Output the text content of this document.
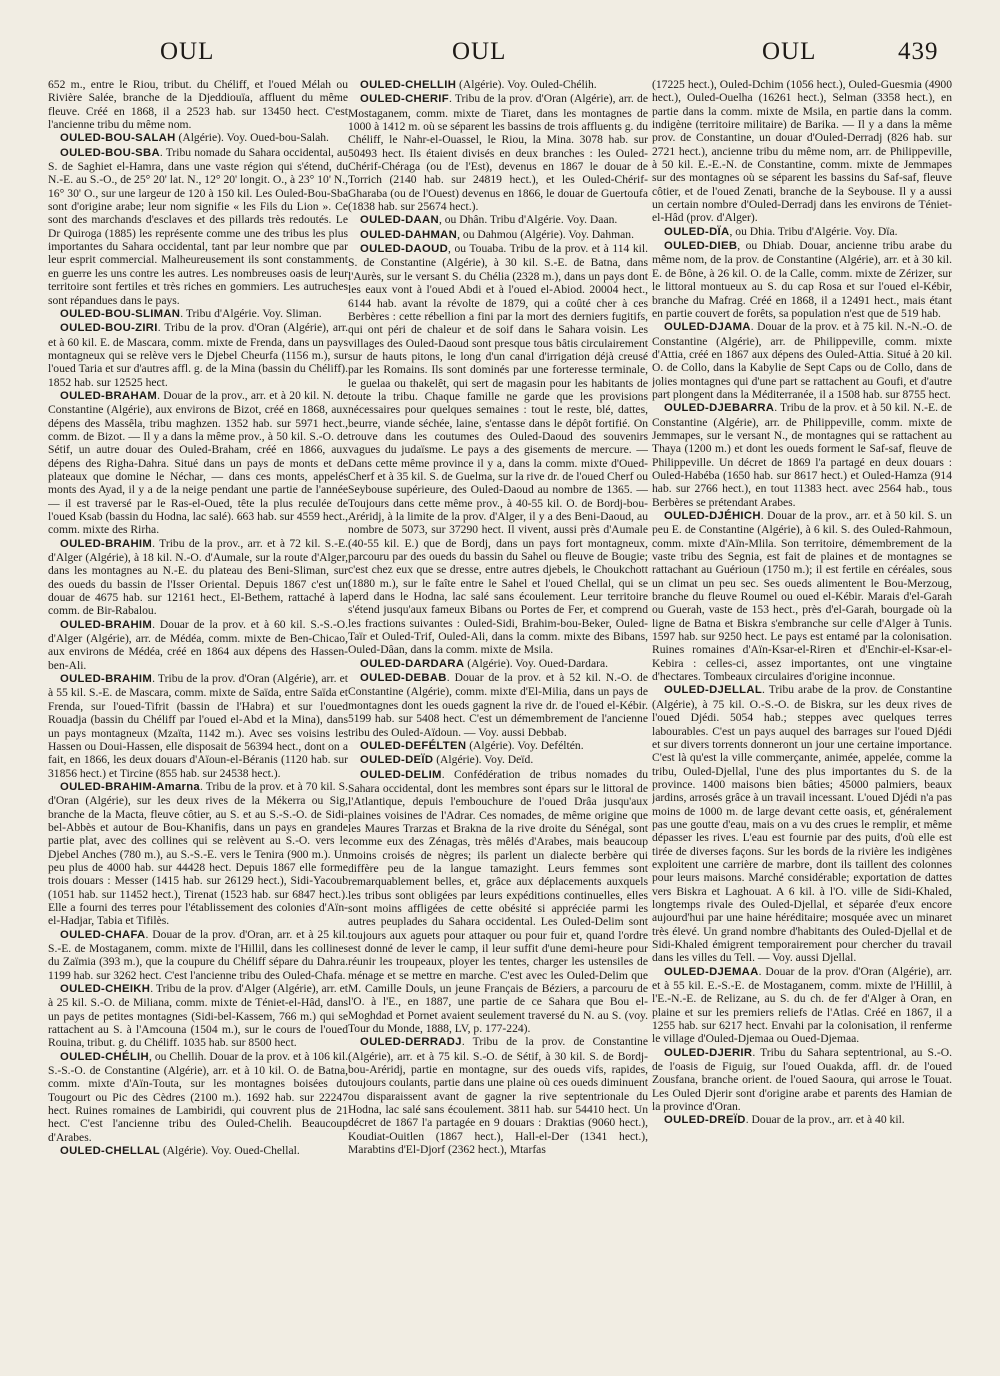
OUL	OUL	OUL	439
652 m., entre le Riou, tribut. du Chéliff, et l'oued Mélah ou Rivière Salée, branche de la Djeddiouïa, affluent du même fleuve. Créé en 1868, il a 2523 hab. sur 13450 hect. C'est l'ancienne tribu du même nom.
OULED-BOU-SALAH (Algérie). Voy. Oued-bou-Salah.
OULED-BOU-SBA. Tribu nomade du Sahara occidental, au S. de Saghiet el-Hamra, dans une vaste région qui s'étend, du N.-E. au S.-O., de 25° 20' lat. N., 12° 20' longit. O., à 23° 10' N., 16° 30' O., sur une largeur de 120 à 150 kil. Les Ouled-Bou-Sba sont d'origine arabe; leur nom signifie « les Fils du Lion ». Ce sont des marchands d'esclaves et des pillards très redoutés. Le Dr Quiroga (1885) les représente comme une des tribus les plus importantes du Sahara occidental, tant par leur nombre que par leur esprit commercial. Malheureusement ils sont constamment en guerre les uns contre les autres. Les nombreuses oasis de leur territoire sont fertiles et très riches en gommiers. Les autruches sont répandues dans le pays.
OULED-BOU-SLIMAN. Tribu d'Algérie. Voy. Sliman.
OULED-BOU-ZIRI. Tribu de la prov. d'Oran (Algérie), arr. et à 60 kil. E. de Mascara, comm. mixte de Frenda, dans un pays montagneux qui se relève vers le Djebel Cheurfa (1156 m.), sur l'oued Taria et sur d'autres affl. g. de la Mina (bassin du Chéliff). 1852 hab. sur 12525 hect.
OULED-BRAHAM. Douar de la prov., arr. et à 20 kil. N. de Constantine (Algérie), aux environs de Bizot, créé en 1868, aux dépens des Massêla, tribu maghzen. 1352 hab. sur 5971 hect., comm. de Bizot. — Il y a dans la même prov., à 50 kil. S.-O. de Sétif, un autre douar des Ouled-Braham, créé en 1866, aux dépens des Righa-Dahra. Situé dans un pays de monts et de plateaux que domine le Néchar, — dans ces monts, appelés monts des Ayad, il y a de la neige pendant une partie de l'année — il est traversé par le Ras-el-Oued, tête la plus reculée de l'oued Ksab (bassin du Hodna, lac salé). 663 hab. sur 4559 hect., comm. mixte des Rirha.
OULED-BRAHIM. Tribu de la prov., arr. et à 72 kil. S.-E. d'Alger (Algérie), à 18 kil. N.-O. d'Aumale, sur la route d'Alger, dans les montagnes au N.-E. du plateau des Beni-Sliman, sur des oueds du bassin de l'Isser Oriental. Depuis 1867 c'est un douar de 4675 hab. sur 12161 hect., El-Bethem, rattaché à la comm. de Bir-Rabalou.
OULED-BRAHIM. Douar de la prov. et à 60 kil. S.-S.-O. d'Alger (Algérie), arr. de Médéa, comm. mixte de Ben-Chicao, aux environs de Médéa, créé en 1864 aux dépens des Hassen-ben-Ali.
OULED-BRAHIM. Tribu de la prov. d'Oran (Algérie), arr. et à 55 kil. S.-E. de Mascara, comm. mixte de Saïda, entre Saïda et Frenda, sur l'oued-Tifrit (bassin de l'Habra) et sur l'oued Rouadja (bassin du Chéliff par l'oued el-Abd et la Mina), dans un pays montagneux (Mzaïta, 1142 m.). Avec ses voisins les Hassen ou Doui-Hassen, elle disposait de 56394 hect., dont on a fait, en 1866, les deux douars d'Aïoun-el-Béranis (1120 hab. sur 31856 hect.) et Tircine (855 hab. sur 24538 hect.).
OULED-BRAHIM-Amarna. Tribu de la prov. et à 70 kil. S. d'Oran (Algérie), sur les deux rives de la Mékerra ou Sig, branche de la Macta, fleuve côtier, au S. et au S.-S.-O. de Sidi-bel-Abbès et autour de Bou-Khanifis, dans un pays en grande partie plat, avec des collines qui se relèvent au S.-O. vers le Djebel Anches (780 m.), au S.-S.-E. vers le Tenira (900 m.). Un peu plus de 4000 hab. sur 44428 hect. Depuis 1867 elle forme trois douars : Messer (1415 hab. sur 26129 hect.), Sidi-Yacoub (1051 hab. sur 11452 hect.), Tirenat (1523 hab. sur 6847 hect.). Elle a fourni des terres pour l'établissement des colonies d'Aïn-el-Hadjar, Tabia et Tifilès.
OULED-CHAFA. Douar de la prov. d'Oran, arr. et à 25 kil. S.-E. de Mostaganem, comm. mixte de l'Hillil, dans les collines du Zaïmia (393 m.), que la coupure du Chéliff sépare du Dahra. 1199 hab. sur 3262 hect. C'est l'ancienne tribu des Ouled-Chafa.
OULED-CHEIKH. Tribu de la prov. d'Alger (Algérie), arr. et à 25 kil. S.-O. de Miliana, comm. mixte de Téniet-el-Hâd, dans un pays de petites montagnes (Sidi-bel-Kassem, 766 m.) qui se rattachent au S. à l'Amcouna (1504 m.), sur le cours de l'oued Rouina, tribut. g. du Chéliff. 1035 hab. sur 8500 hect.
OULED-CHÉLIH, ou Chellih. Douar de la prov. et à 106 kil. S.-S.-O. de Constantine (Algérie), arr. et à 10 kil. O. de Batna, comm. mixte d'Aïn-Touta, sur les montagnes boisées du Tougourt ou Pic des Cèdres (2100 m.). 1692 hab. sur 22247 hect. Ruines romaines de Lambiridi, qui couvrent plus de 21 hect. C'est l'ancienne tribu des Ouled-Chelih. Beaucoup d'Arabes.
OULED-CHELLAL (Algérie). Voy. Oued-Chellal.
OULED-CHELLIH (Algérie). Voy. Ouled-Chélih.
OULED-CHERIF. Tribu de la prov. d'Oran (Algérie), arr. de Mostaganem, comm. mixte de Tiaret, dans les montagnes de 1000 à 1412 m. où se séparent les bassins de trois affluents g. du Chéliff, le Nahr-el-Ouassel, le Riou, la Mina. 3078 hab. sur 50493 hect. Ils étaient divisés en deux branches : les Ouled-Chérif-Chéraga (ou de l'Est), devenus en 1867 le douar de Torrich (2140 hab. sur 24819 hect.), et les Ouled-Chérif-Gharaba (ou de l'Ouest) devenus en 1866, le douar de Guertoufa (1838 hab. sur 25674 hect.).
OULED-DAAN, ou Dhân. Tribu d'Algérie. Voy. Daan.
OULED-DAHMAN, ou Dahmou (Algérie). Voy. Dahman.
OULED-DAOUD, ou Touaba. Tribu de la prov. et à 114 kil. S. de Constantine (Algérie), à 30 kil. S.-E. de Batna, dans l'Aurès, sur le versant S. du Chélia (2328 m.), dans un pays dont les eaux vont à l'oued Abdi et à l'oued el-Abiod. 20004 hect., 6144 hab. avant la révolte de 1879, qui a coûté cher à ces Berbères : cette rébellion a fini par la mort des derniers fugitifs, qui ont péri de chaleur et de soif dans le Sahara voisin. Les villages des Ouled-Daoud sont presque tous bâtis circulairement sur de hauts pitons, le long d'un canal d'irrigation déjà creusé par les Romains. Ils sont dominés par une forteresse terminale, le guelaa ou thakelêt, qui sert de magasin pour les habitants de toute la tribu. Chaque famille ne garde que les provisions nécessaires pour quelques semaines : tout le reste, blé, dattes, beurre, viande séchée, laine, s'entasse dans le dépôt fortifié. On trouve dans les coutumes des Ouled-Daoud des souvenirs vagues du judaïsme. Le pays a des gisements de mercure. — Dans cette même province il y a, dans la comm. mixte d'Oued-Cherf et à 35 kil. S. de Guelma, sur la rive dr. de l'oued Cherf ou Seybouse supérieure, des Ouled-Daoud au nombre de 1365. — Toujours dans cette même prov., à 40-55 kil. O. de Bordj-bou-Aréridj, à la limite de la prov. d'Alger, il y a des Beni-Daoud, au nombre de 5073, sur 37290 hect. Il vivent, aussi près d'Aumale (40-55 kil. E.) que de Bordj, dans un pays fort montagneux, parcouru par des oueds du bassin du Sahel ou fleuve de Bougie; c'est chez eux que se dresse, entre autres djebels, le Choukchott (1880 m.), sur le faîte entre le Sahel et l'oued Chellal, qui se perd dans le Hodna, lac salé sans écoulement. Leur territoire s'étend jusqu'aux fameux Bibans ou Portes de Fer, et comprend les fractions suivantes : Ouled-Sidi, Brahim-bou-Beker, Ouled-Taïr et Ouled-Trif, Ouled-Ali, dans la comm. mixte des Bibans, Ouled-Dâan, dans la comm. mixte de Msila.
OULED-DARDARA (Algérie). Voy. Oued-Dardara.
OULED-DEBAB. Douar de la prov. et à 52 kil. N.-O. de Constantine (Algérie), comm. mixte d'El-Milia, dans un pays de montagnes dont les oueds gagnent la rive dr. de l'oued el-Kébir. 5199 hab. sur 5408 hect. C'est un démembrement de l'ancienne tribu des Ouled-Aïdoun. — Voy. aussi Debbab.
OULED-DEFÉLTEN (Algérie). Voy. Deféltén.
OULED-DEÏD (Algérie). Voy. Deïd.
OULED-DELIM. Confédération de tribus nomades du Sahara occidental, dont les membres sont épars sur le littoral de l'Atlantique, depuis l'embouchure de l'oued Drâa jusqu'aux plaines voisines de l'Adrar. Ces nomades, de même origine que les Maures Trarzas et Brakna de la rive droite du Sénégal, sont comme eux des Zénagas, très mêlés d'Arabes, mais beaucoup moins croisés de nègres; ils parlent un dialecte berbère qui diffère peu de la langue tamazight. Leurs femmes sont remarquablement belles, et, grâce aux déplacements auxquels les tribus sont obligées par leurs expéditions continuelles, elles sont moins affligées de cette obésité si appréciée parmi les autres peuplades du Sahara occidental. Les Ouled-Delim sont toujours aux aguets pour attaquer ou pour fuir et, quand l'ordre est donné de lever le camp, il leur suffit d'une demi-heure pour réunir les troupeaux, ployer les tentes, charger les ustensiles de ménage et se mettre en marche. C'est avec les Ouled-Delim que M. Camille Douls, un jeune Français de Béziers, a parcouru de l'O. à l'E., en 1887, une partie de ce Sahara que Bou el-Moghdad et Pornet avaient seulement traversé du N. au S. (voy. Tour du Monde, 1888, LV, p. 177-224).
OULED-DERRADJ. Tribu de la prov. de Constantine (Algérie), arr. et à 75 kil. S.-O. de Sétif, à 30 kil. S. de Bordj-bou-Aréridj, partie en montagne, sur des oueds vifs, rapides, toujours coulants, partie dans une plaine où ces oueds diminuent ou disparaissent avant de gagner la rive septentrionale du Hodna, lac salé sans écoulement. 3811 hab. sur 54410 hect. Un décret de 1867 l'a partagée en 9 douars : Draktias (9060 hect.), Koudiat-Ouitlen (1867 hect.), Hall-el-Der (1341 hect.), Marabtins d'El-Djorf (2362 hect.), Mtarfas
(17225 hect.), Ouled-Dchim (1056 hect.), Ouled-Guesmia (4900 hect.), Ouled-Ouelha (16261 hect.), Selman (3358 hect.), en partie dans la comm. mixte de Msila, en partie dans la comm. indigène (territoire militaire) de Barika. — Il y a dans la même prov. de Constantine, un douar d'Ouled-Derradj (826 hab. sur 2721 hect.), ancienne tribu du même nom, arr. de Philippeville, à 50 kil. E.-E.-N. de Constantine, comm. mixte de Jemmapes sur des montagnes où se séparent les bassins du Saf-saf, fleuve côtier, et de l'oued Zenati, branche de la Seybouse. Il y a aussi un certain nombre d'Ouled-Derradj dans les environs de Téniet-el-Hâd (prov. d'Alger).
OULED-DÏA, ou Dhia. Tribu d'Algérie. Voy. Dïa.
OULED-DIEB, ou Dhiab. Douar, ancienne tribu arabe du même nom, de la prov. de Constantine (Algérie), arr. et à 30 kil. E. de Bône, à 26 kil. O. de la Calle, comm. mixte de Zérizer, sur le littoral montueux au S. du cap Rosa et sur l'oued el-Kébir, branche du Mafrag. Créé en 1868, il a 12491 hect., mais étant en partie couvert de forêts, sa population n'est que de 519 hab.
OULED-DJAMA. Douar de la prov. et à 75 kil. N.-N.-O. de Constantine (Algérie), arr. de Philippeville, comm. mixte d'Attia, créé en 1867 aux dépens des Ouled-Attia. Situé à 20 kil. O. de Collo, dans la Kabylie de Sept Caps ou de Collo, dans de jolies montagnes qui d'une part se rattachent au Goufi, et d'autre part plongent dans la Méditerranée, il a 1508 hab. sur 8755 hect.
OULED-DJEBARRA. Tribu de la prov. et à 50 kil. N.-E. de Constantine (Algérie), arr. de Philippeville, comm. mixte de Jemmapes, sur le versant N., de montagnes qui se rattachent au Thaya (1200 m.) et dont les oueds forment le Saf-saf, fleuve de Philippeville. Un décret de 1869 l'a partagé en deux douars : Ouled-Habéba (1650 hab. sur 8617 hect.) et Ouled-Hamza (914 hab. sur 2766 hect.), en tout 11383 hect. avec 2564 hab., tous Berbères se prétendant Arabes.
OULED-DJÉHICH. Douar de la prov., arr. et à 50 kil. S. un peu E. de Constantine (Algérie), à 6 kil. S. des Ouled-Rahmoun, comm. mixte d'Aïn-Mlila. Son territoire, démembrement de la vaste tribu des Segnia, est fait de plaines et de montagnes se rattachant au Guérioun (1750 m.); il est fertile en céréales, sous un climat un peu sec. Ses oueds alimentent le Bou-Merzoug, branche du fleuve Roumel ou oued el-Kébir. Marais d'el-Garah ou Guerah, vaste de 153 hect., près d'el-Garah, bourgade où la ligne de Batna et Biskra s'embranche sur celle d'Alger à Tunis. 1597 hab. sur 9250 hect. Le pays est entamé par la colonisation. Ruines romaines d'Aïn-Ksar-el-Riren et d'Enchir-el-Ksar-el-Kebira : celles-ci, assez importantes, ont une vingtaine d'hectares. Tombeaux circulaires d'origine inconnue.
OULED-DJELLAL. Tribu arabe de la prov. de Constantine (Algérie), à 75 kil. O.-S.-O. de Biskra, sur les deux rives de l'oued Djédi. 5054 hab.; steppes avec quelques terres labourables. C'est un pays auquel des barrages sur l'oued Djédi et sur divers torrents donneront un jour une certaine importance. C'est là qu'est la ville commerçante, animée, appelée, comme la tribu, Ouled-Djellal, l'une des plus importantes du S. de la province. 1400 maisons bien bâties; 45000 palmiers, beaux jardins, arrosés grâce à un travail incessant. L'oued Djédi n'a pas moins de 1000 m. de large devant cette oasis, et, généralement pas une goutte d'eau, mais on a vu des crues le remplir, et même dépasser les rives. L'eau est fournie par des puits, d'où elle est tirée de diverses façons. Sur les bords de la rivière les indigènes exploitent une carrière de marbre, dont ils taillent des colonnes pour leurs maisons. Marché considérable; exportation de dattes vers Biskra et Laghouat. A 6 kil. à l'O. ville de Sidi-Khaled, longtemps rivale des Ouled-Djellal, et séparée d'eux encore aujourd'hui par une haine héréditaire; mosquée avec un minaret très élevé. Un grand nombre d'habitants des Ouled-Djellal et de Sidi-Khaled émigrent temporairement pour chercher du travail dans les villes du Tell. — Voy. aussi Djellal.
OULED-DJEMAA. Douar de la prov. d'Oran (Algérie), arr. et à 55 kil. E.-S.-E. de Mostaganem, comm. mixte de l'Hillil, à l'E.-N.-E. de Relizane, au S. du ch. de fer d'Alger à Oran, en plaine et sur les premiers reliefs de l'Atlas. Créé en 1867, il a 1255 hab. sur 6217 hect. Envahi par la colonisation, il renferme le village d'Ouled-Djemaa ou Oued-Djemaa.
OULED-DJERIR. Tribu du Sahara septentrional, au S.-O. de l'oasis de Figuig, sur l'oued Ouakda, affl. dr. de l'oued Zousfana, branche orient. de l'oued Saoura, qui arrose le Touat. Les Ouled Djerir sont d'origine arabe et parents des Hamian de la province d'Oran.
OULED-DREÏD. Douar de la prov., arr. et à 40 kil.
